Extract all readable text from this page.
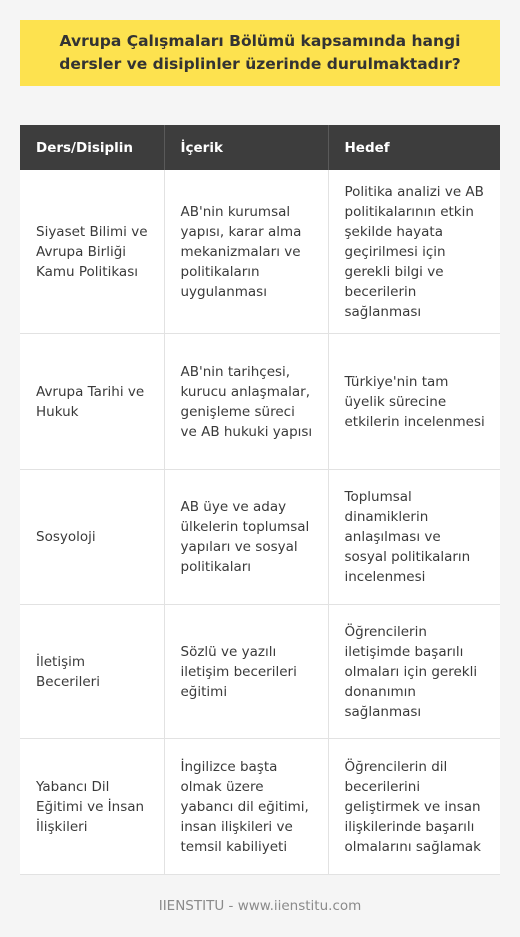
Avrupa Çalışmaları Bölümü kapsamında hangi dersler ve disiplinler üzerinde durulmaktadır?
Ders/Disiplin	İçerik	Hedef
Siyaset Bilimi ve Avrupa Birliği Kamu Politikası	AB'nin kurumsal yapısı, karar alma mekanizmaları ve politikaların uygulanması	Politika analizi ve AB politikalarının etkin şekilde hayata geçirilmesi için gerekli bilgi ve becerilerin sağlanması
Avrupa Tarihi ve Hukuk	AB'nin tarihçesi, kurucu anlaşmalar, genişleme süreci ve AB hukuki yapısı	Türkiye'nin tam üyelik sürecine etkilerin incelenmesi
Sosyoloji	AB üye ve aday ülkelerin toplumsal yapıları ve sosyal politikaları	Toplumsal dinamiklerin anlaşılması ve sosyal politikaların incelenmesi
İletişim Becerileri	Sözlü ve yazılı iletişim becerileri eğitimi	Öğrencilerin iletişimde başarılı olmaları için gerekli donanımın sağlanması
Yabancı Dil Eğitimi ve İnsan İlişkileri	İngilizce başta olmak üzere yabancı dil eğitimi, insan ilişkileri ve temsil kabiliyeti	Öğrencilerin dil becerilerini geliştirmek ve insan ilişkilerinde başarılı olmalarını sağlamak
IIENSTITU - www.iienstitu.com
